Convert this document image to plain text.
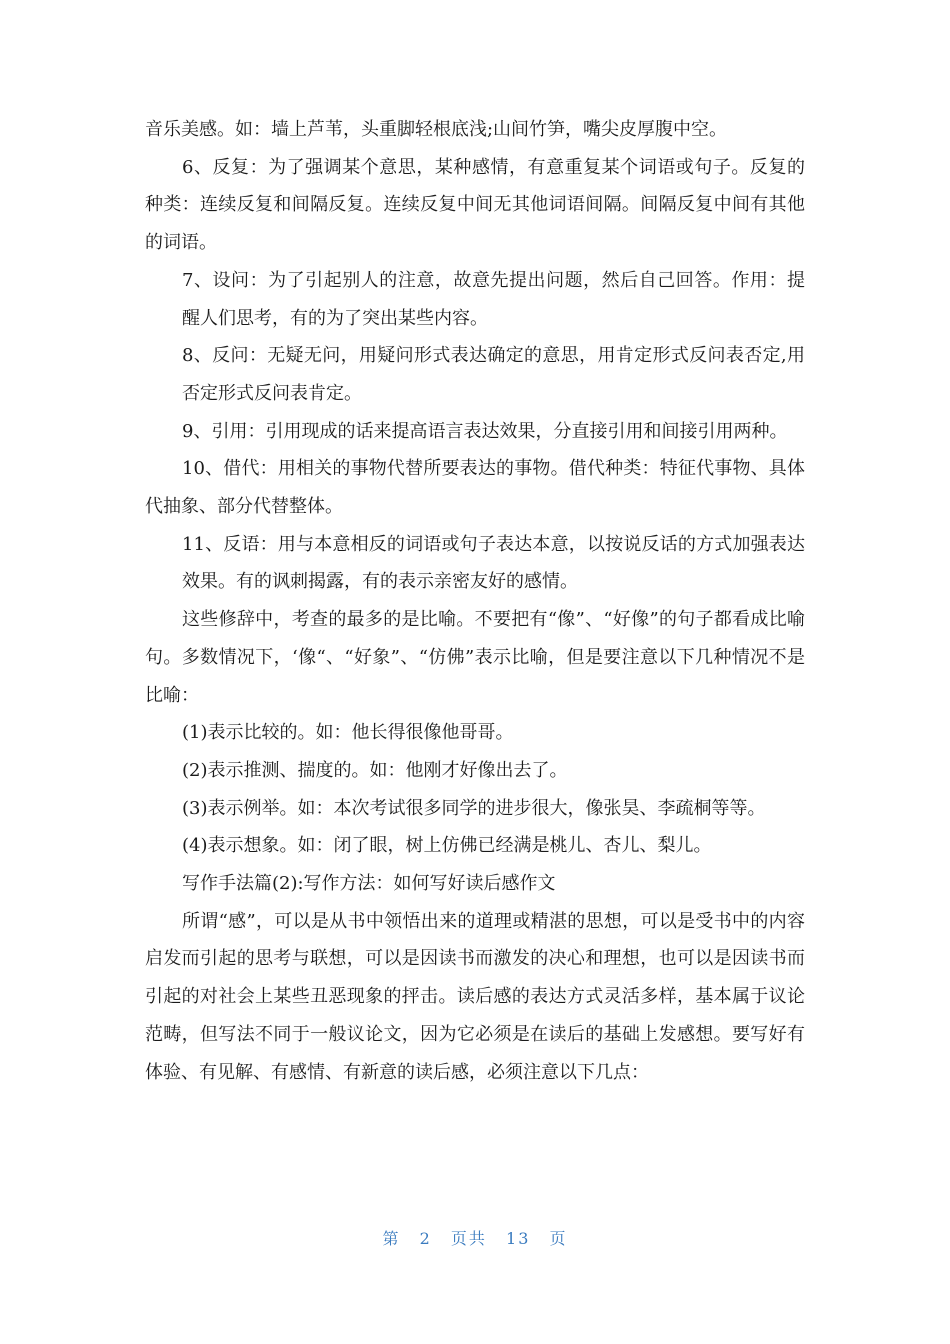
音乐美感。如：墙上芦苇，头重脚轻根底浅;山间竹笋，嘴尖皮厚腹中空。

6、反复：为了强调某个意思，某种感情，有意重复某个词语或句子。反复的种类：连续反复和间隔反复。连续反复中间无其他词语间隔。间隔反复中间有其他的词语。

7、设问：为了引起别人的注意，故意先提出问题，然后自己回答。作用：提醒人们思考，有的为了突出某些内容。

8、反问：无疑无问，用疑问形式表达确定的意思，用肯定形式反问表否定,用否定形式反问表肯定。

9、引用：引用现成的话来提高语言表达效果，分直接引用和间接引用两种。

10、借代：用相关的事物代替所要表达的事物。借代种类：特征代事物、具体代抽象、部分代替整体。

11、反语：用与本意相反的词语或句子表达本意，以按说反话的方式加强表达效果。有的讽刺揭露，有的表示亲密友好的感情。

这些修辞中，考查的最多的是比喻。不要把有“像”、“好像”的句子都看成比喻句。多数情况下，‘像“、“好象”、“仿佛”表示比喻，但是要注意以下几种情况不是比喻：

(1)表示比较的。如：他长得很像他哥哥。

(2)表示推测、揣度的。如：他刚才好像出去了。

(3)表示例举。如：本次考试很多同学的进步很大，像张昊、李疏桐等等。

(4)表示想象。如：闭了眼，树上仿佛已经满是桃儿、杏儿、梨儿。

写作手法篇(2):写作方法：如何写好读后感作文

所谓“感”，可以是从书中领悟出来的道理或精湛的思想，可以是受书中的内容启发而引起的思考与联想，可以是因读书而激发的决心和理想，也可以是因读书而引起的对社会上某些丑恶现象的抨击。读后感的表达方式灵活多样，基本属于议论范畴，但写法不同于一般议论文，因为它必须是在读后的基础上发感想。要写好有体验、有见解、有感情、有新意的读后感，必须注意以下几点：

第 2 页共 13 页
